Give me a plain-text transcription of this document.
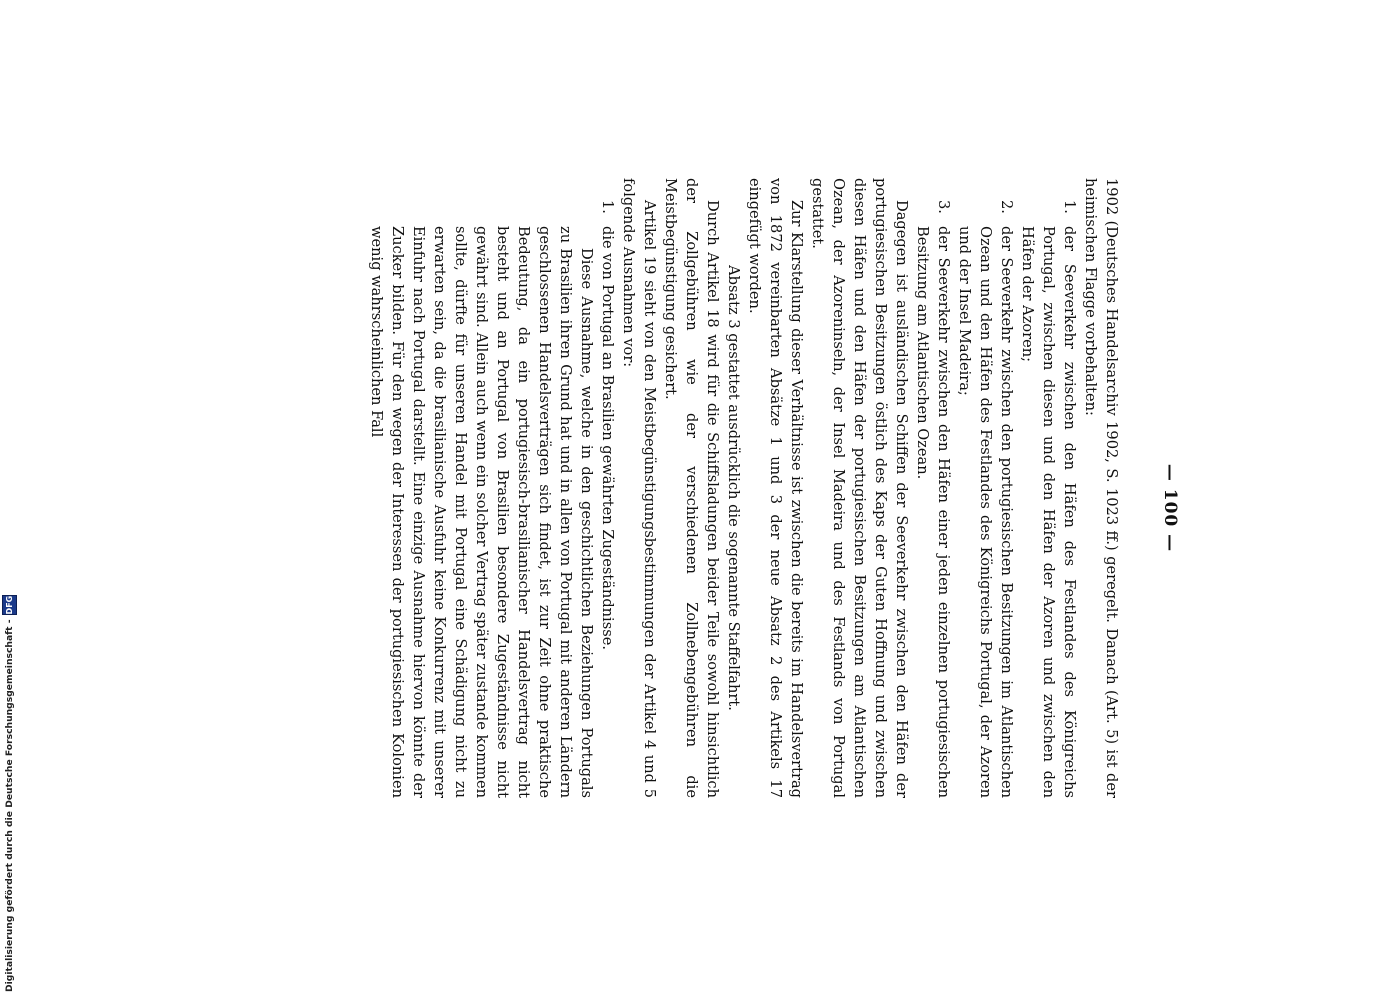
— 100 —

1902 (Deutsches Handelsarchiv 1902, S. 1023 ff.) geregelt. Danach (Art. 5) ist der heimischen Flagge vorbehalten:

1.
der Seeverkehr zwischen den Häfen des Festlandes des Königreichs Portugal, zwischen diesen und den Häfen der Azoren und zwischen den Häfen der Azoren;
2.
der Seeverkehr zwischen den portugiesischen Besitzungen im Atlantischen Ozean und den Häfen des Festlandes des Königreichs Portugal, der Azoren und der Insel Madeira;
3.
der Seeverkehr zwischen den Häfen einer jeden einzelnen portugiesischen Besitzung am Atlantischen Ozean.

Dagegen ist ausländischen Schiffen der Seeverkehr zwischen den Häfen der portugiesischen Besitzungen östlich des Kaps der Guten Hoffnung und zwischen diesen Häfen und den Häfen der portugiesischen Besitzungen am Atlantischen Ozean, der Azoreninseln, der Insel Madeira und des Festlands von Portugal gestattet.

Zur Klarstellung dieser Verhältnisse ist zwischen die bereits im Handelsvertrag von 1872 vereinbarten Absätze 1 und 3 der neue Absatz 2 des Artikels 17 eingefügt worden.

Absatz 3 gestattet ausdrücklich die sogenannte Staffelfahrt.

Durch Artikel 18 wird für die Schiffsladungen beider Teile sowohl hinsichtlich der Zollgebühren wie der verschiedenen Zollnebengebühren die Meistbegünstigung gesichert.

Artikel 19 sieht von den Meistbegünstigungsbestimmungen der Artikel 4 und 5 folgende Ausnahmen vor:

1.
die von Portugal an Brasilien gewährten Zugeständnisse.

Diese Ausnahme, welche in den geschichtlichen Beziehungen Portugals zu Brasilien ihren Grund hat und in allen von Portugal mit anderen Ländern geschlossenen Handelsverträgen sich findet, ist zur Zeit ohne praktische Bedeutung, da ein portugiesisch-brasilianischer Handelsvertrag nicht besteht und an Portugal von Brasilien besondere Zugeständnisse nicht gewährt sind. Allein auch wenn ein solcher Vertrag später zustande kommen sollte, dürfte für unseren Handel mit Portugal eine Schädigung nicht zu erwarten sein, da die brasilianische Ausfuhr keine Konkurrenz mit unserer Einfuhr nach Portugal darstellt. Eine einzige Ausnahme hiervon könnte der Zucker bilden. Für den wegen der Interessen der portugiesischen Kolonien wenig wahrscheinlichen Fall

Digitalisierung gefördert durch die Deutsche Forschungsgemeinschaft -
DFG
